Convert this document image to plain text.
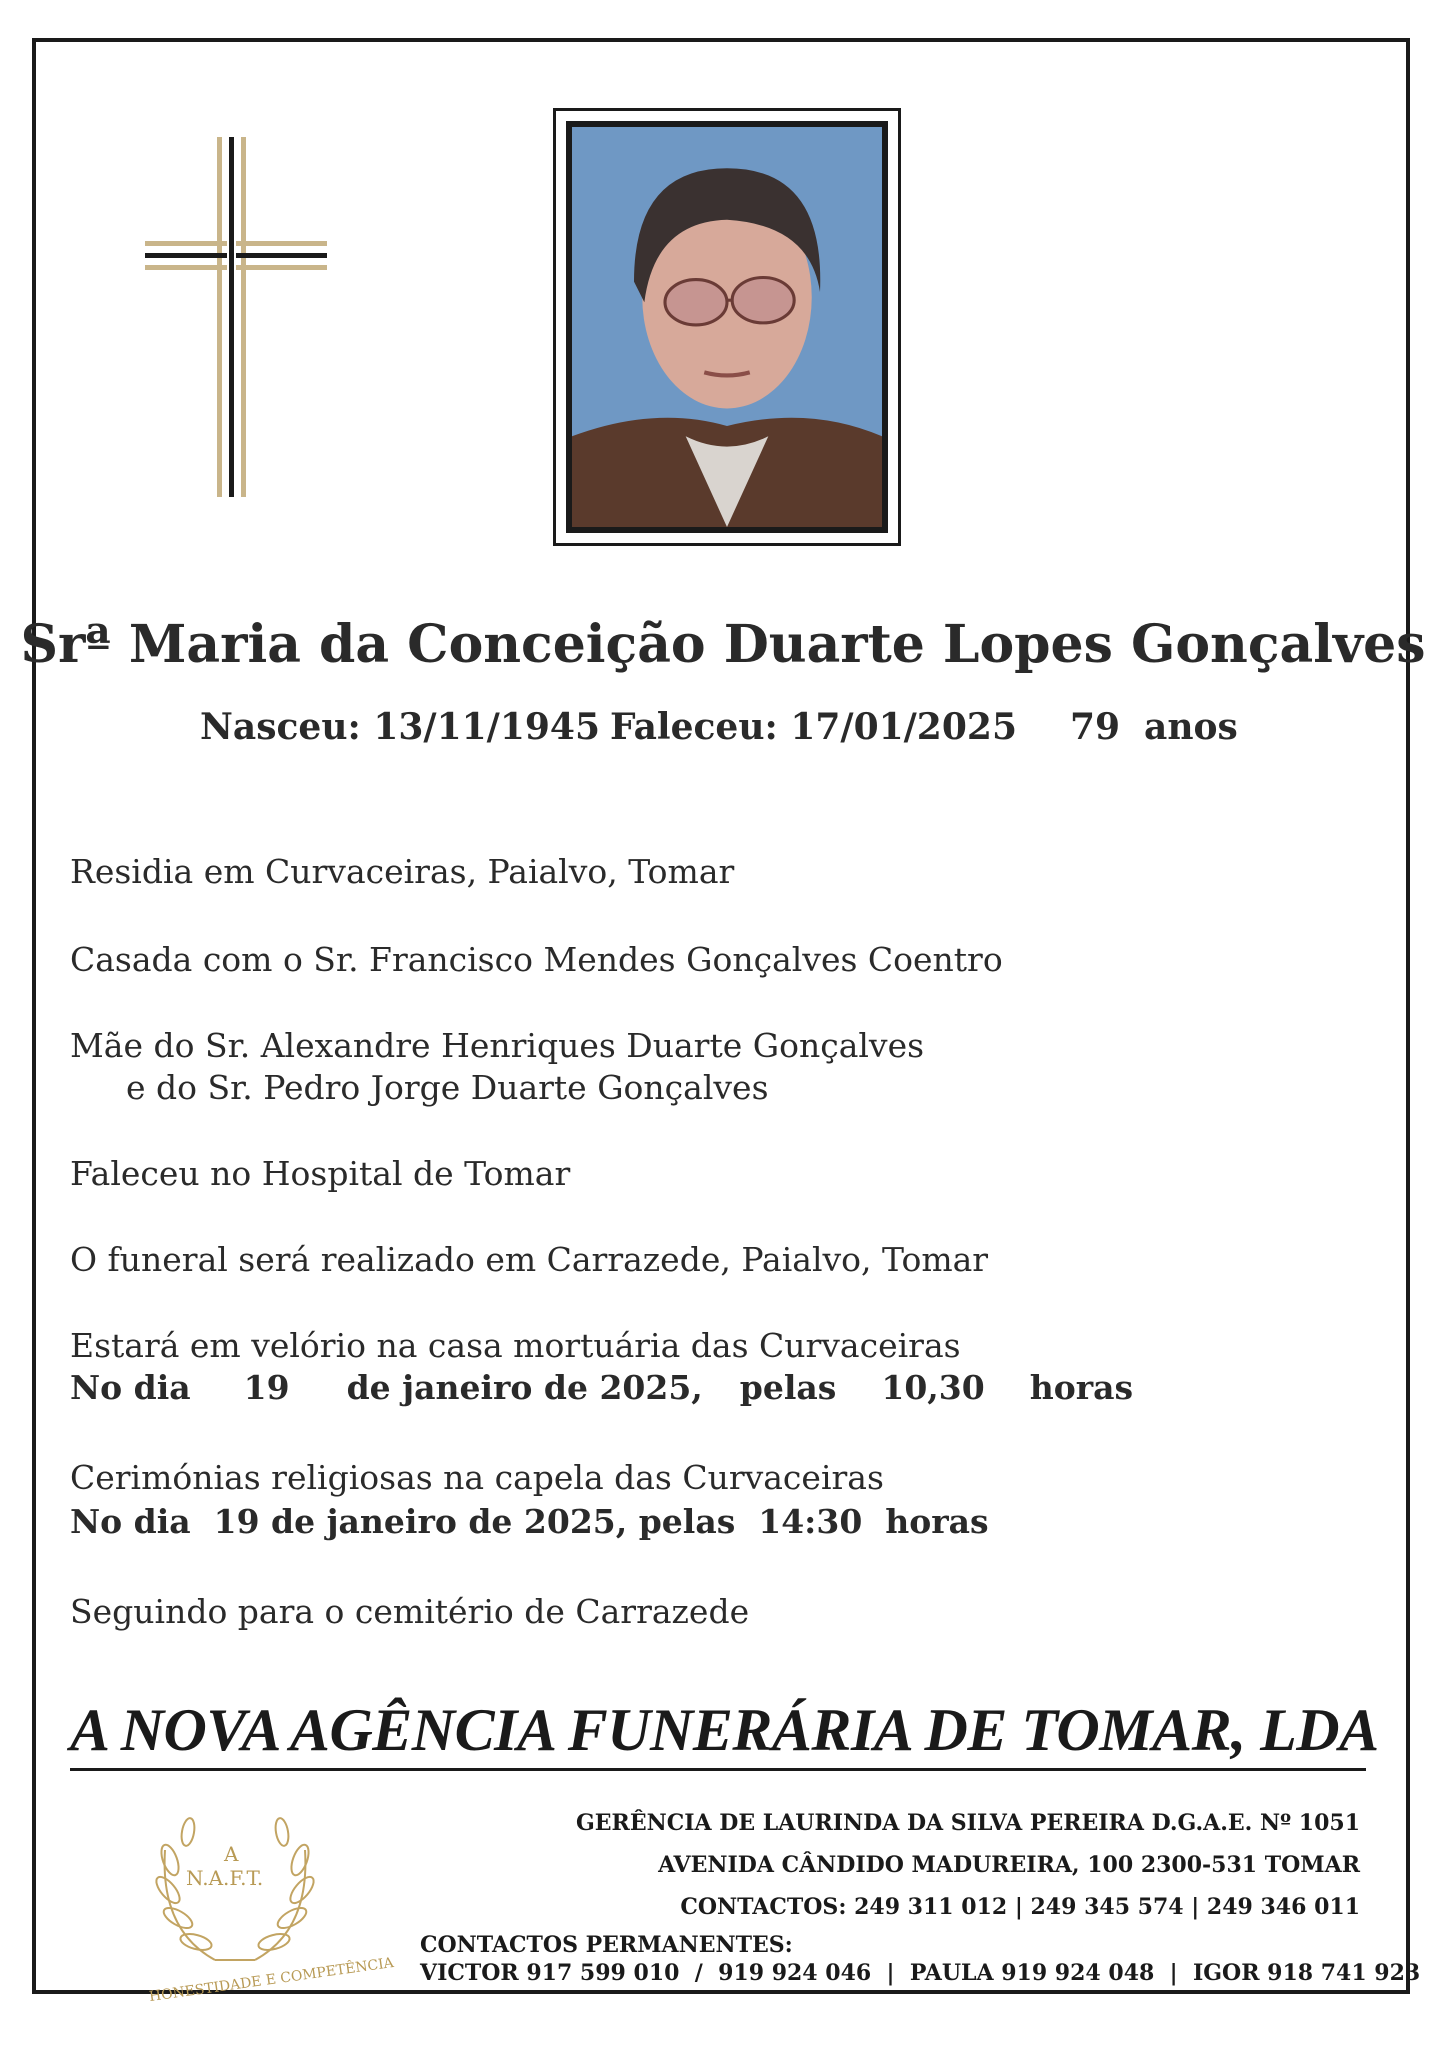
Srª Maria da Conceição Duarte Lopes Gonçalves
Nasceu: 13/11/1945 Faleceu: 17/01/2025 79 anos
Residia em Curvaceiras, Paialvo, Tomar
Casada com o Sr. Francisco Mendes Gonçalves Coentro
Mãe do Sr. Alexandre Henriques Duarte Gonçalves
e do Sr. Pedro Jorge Duarte Gonçalves
Faleceu no Hospital de Tomar
O funeral será realizado em Carrazede, Paialvo, Tomar
Estará em velório na casa mortuária das Curvaceiras
No dia 19 de janeiro de 2025, pelas 10,30 horas
Cerimónias religiosas na capela das Curvaceiras
No dia  19 de janeiro de 2025, pelas  14:30  horas
Seguindo para o cemitério de Carrazede
A NOVA AGÊNCIA FUNERÁRIA DE TOMAR, LDA
A
N.A.F.T.
HONESTIDADE E COMPETÊNCIA
GERÊNCIA DE LAURINDA DA SILVA PEREIRA D.G.A.E. Nº 1051
AVENIDA CÂNDIDO MADUREIRA, 100 2300-531 TOMAR
CONTACTOS: 249 311 012 | 249 345 574 | 249 346 011
CONTACTOS PERMANENTES:
VICTOR 917 599 010  /  919 924 046  |  PAULA 919 924 048  |  IGOR 918 741 923
